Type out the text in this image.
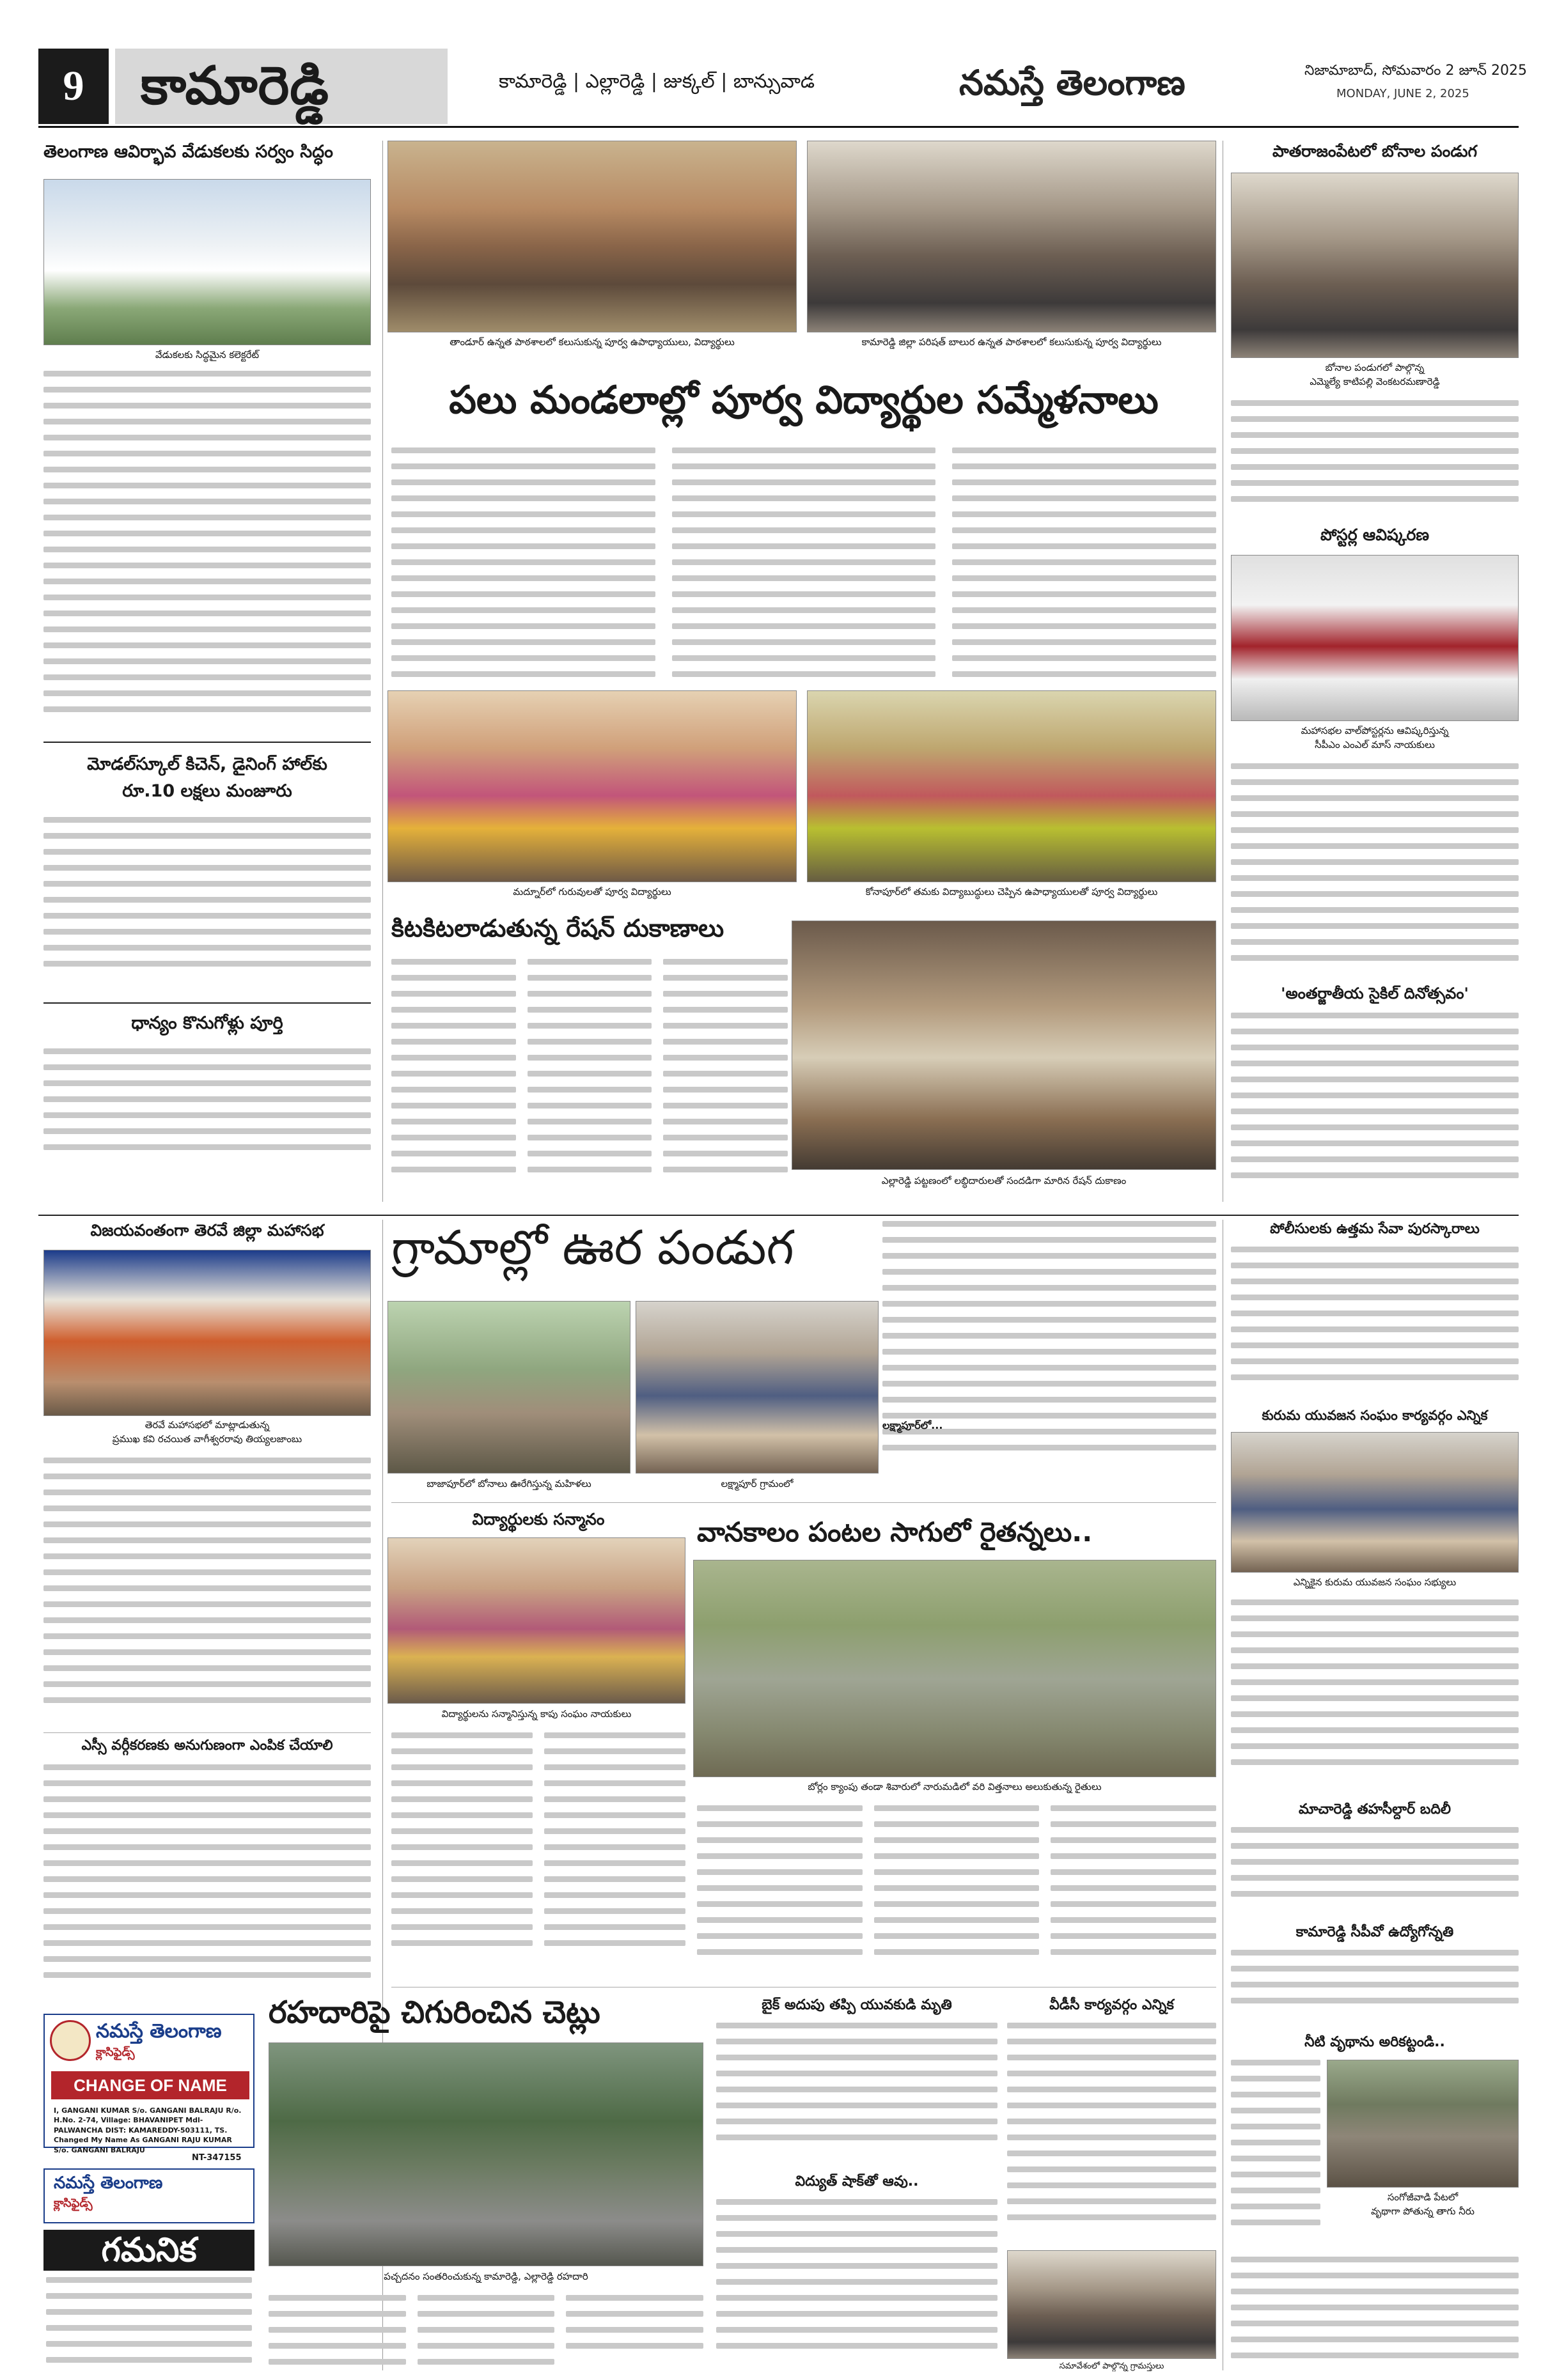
9	కామారెడ్డి	కామారెడ్డి | ఎల్లారెడ్డి | జుక్కల్ | బాన్సువాడ	నమస్తే తెలంగాణ	నిజామాబాద్, సోమవారం 2 జూన్ 2025
MONDAY, JUNE 2, 2025
తెలంగాణ ఆవిర్భావ వేడుకలకు సర్వం సిద్ధం
వేడుకలకు సిద్ధమైన కలెక్టరేట్
మోడల్‌స్కూల్ కిచెన్, డైనింగ్ హాల్‌కు
రూ.10 లక్షలు మంజూరు
ధాన్యం కొనుగోళ్లు పూర్తి
తాండూర్ ఉన్నత పాఠశాలలో కలుసుకున్న పూర్వ ఉపాధ్యాయులు, విద్యార్థులు	కామారెడ్డి జిల్లా పరిషత్ బాలుర ఉన్నత పాఠశాలలో కలుసుకున్న పూర్వ విద్యార్థులు
పలు మండలాల్లో పూర్వ విద్యార్థుల సమ్మేళనాలు
మద్నూర్‌లో గురువులతో పూర్వ విద్యార్థులు	కోనాపూర్‌లో తమకు విద్యాబుద్ధులు చెప్పిన ఉపాధ్యాయులతో పూర్వ విద్యార్థులు
కిటకిటలాడుతున్న రేషన్ దుకాణాలు
ఎల్లారెడ్డి పట్టణంలో లబ్ధిదారులతో సందడిగా మారిన రేషన్ దుకాణం
పాతరాజంపేటలో బోనాల పండుగ
బోనాల పండుగలో పాల్గొన్న
ఎమ్మెల్యే కాటిపల్లి వెంకటరమణారెడ్డి
పోస్టర్ల ఆవిష్కరణ
మహాసభల వాల్‌పోస్టర్లను ఆవిష్కరిస్తున్న
సీపీఎం ఎంఎల్ మాస్ నాయకులు
'అంతర్జాతీయ సైకిల్ దినోత్సవం'
విజయవంతంగా తెరవే జిల్లా మహాసభ
తెరవే మహాసభలో మాట్లాడుతున్న
ప్రముఖ కవి రచయిత వాగీశ్వరరావు తియ్యలజాంబు
ఎస్సీ వర్గీకరణకు అనుగుణంగా ఎంపిక చేయాలి
నమస్తే తెలంగాణ
క్లాసిఫైడ్స్
CHANGE OF NAME
I, GANGANI KUMAR S/o. GANGANI BALRAJU R/o. H.No. 2-74, Village: BHAVANIPET Mdl-PALWANCHA DIST: KAMAREDDY-503111, TS. Changed My Name As GANGANI RAJU KUMAR S/o. GANGANI BALRAJU
NT-347155
నమస్తే తెలంగాణ
క్లాసిఫైడ్స్
గమనిక
గ్రామాల్లో ఊర పండుగ
బాజాపూర్‌లో బోనాలు ఊరేగిస్తున్న మహిళలు	లక్ష్మాపూర్ గ్రామంలో
లక్ష్మాపూర్‌లో...
విద్యార్థులకు సన్మానం
విద్యార్థులను సన్మానిస్తున్న కాపు సంఘం నాయకులు
వానకాలం పంటల సాగులో రైతన్నలు..
బోర్లం క్యాంపు తండా శివారులో నారుమడిలో వరి విత్తనాలు అలుకుతున్న రైతులు
రహదారిపై చిగురించిన చెట్లు
పచ్చదనం సంతరించుకున్న కామారెడ్డి, ఎల్లారెడ్డి రహదారి
బైక్ అదుపు తప్పి యువకుడి మృతి
విద్యుత్ షాక్‌తో ఆవు..
వీడీసీ కార్యవర్గం ఎన్నిక
సమావేశంలో పాల్గొన్న గ్రామస్తులు
పోలీసులకు ఉత్తమ సేవా పురస్కారాలు
కురుమ యువజన సంఘం కార్యవర్గం ఎన్నిక
ఎన్నికైన కురుమ యువజన సంఘం సభ్యులు
మాచారెడ్డి తహసీల్దార్ బదిలీ
కామారెడ్డి సీపీవో ఉద్యోగోన్నతి
నీటి వృథాను అరికట్టండి..
సంగోజీవాడి పేటలో
వృథాగా పోతున్న తాగు నీరు
